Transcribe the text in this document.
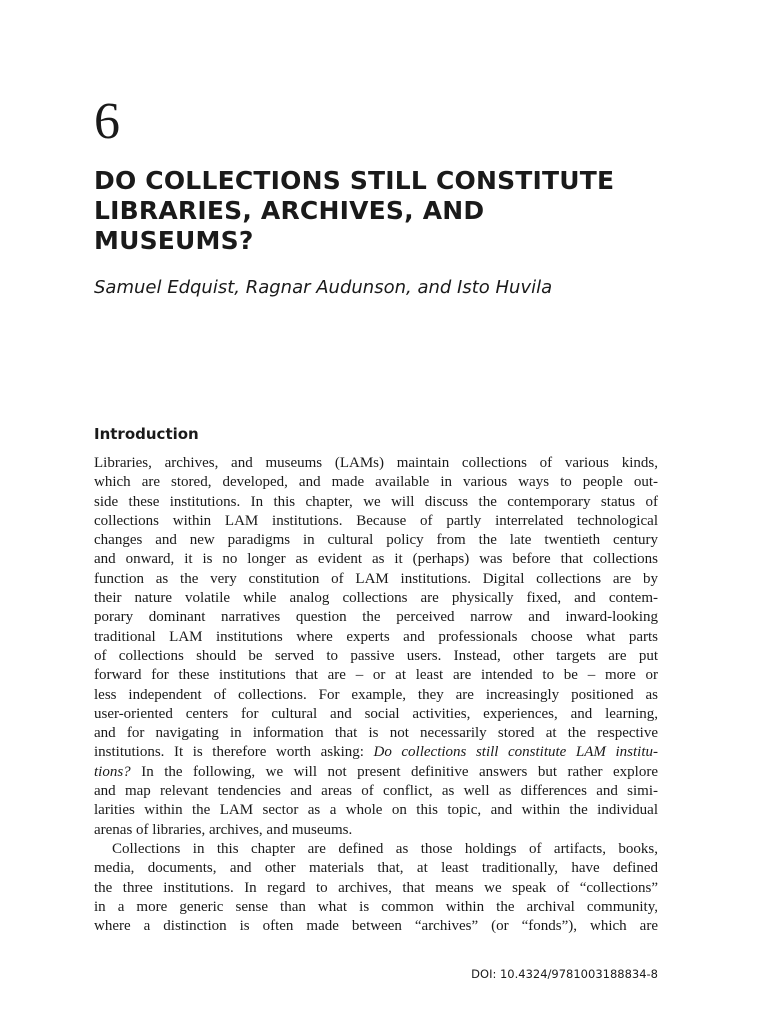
6
DO COLLECTIONS STILL CONSTITUTE
LIBRARIES, ARCHIVES, AND
MUSEUMS?

Samuel Edquist, Ragnar Audunson, and Isto Huvila

Introduction
Libraries, archives, and museums (LAMs) maintain collections of various kinds,
which are stored, developed, and made available in various ways to people out-
side these institutions. In this chapter, we will discuss the contemporary status of
collections within LAM institutions. Because of partly interrelated technological
changes and new paradigms in cultural policy from the late twentieth century
and onward, it is no longer as evident as it (perhaps) was before that collections
function as the very constitution of LAM institutions. Digital collections are by
their nature volatile while analog collections are physically fixed, and contem-
porary dominant narratives question the perceived narrow and inward-looking
traditional LAM institutions where experts and professionals choose what parts
of collections should be served to passive users. Instead, other targets are put
forward for these institutions that are – or at least are intended to be – more or
less independent of collections. For example, they are increasingly positioned as
user-oriented centers for cultural and social activities, experiences, and learning,
and for navigating in information that is not necessarily stored at the respective
institutions. It is therefore worth asking: Do collections still constitute LAM institu-
tions? In the following, we will not present definitive answers but rather explore
and map relevant tendencies and areas of conflict, as well as differences and simi-
larities within the LAM sector as a whole on this topic, and within the individual
arenas of libraries, archives, and museums.
Collections in this chapter are defined as those holdings of artifacts, books,
media, documents, and other materials that, at least traditionally, have defined
the three institutions. In regard to archives, that means we speak of “collections”
in a more generic sense than what is common within the archival community,
where a distinction is often made between “archives” (or “fonds”), which are
DOI: 10.4324/9781003188834-8
